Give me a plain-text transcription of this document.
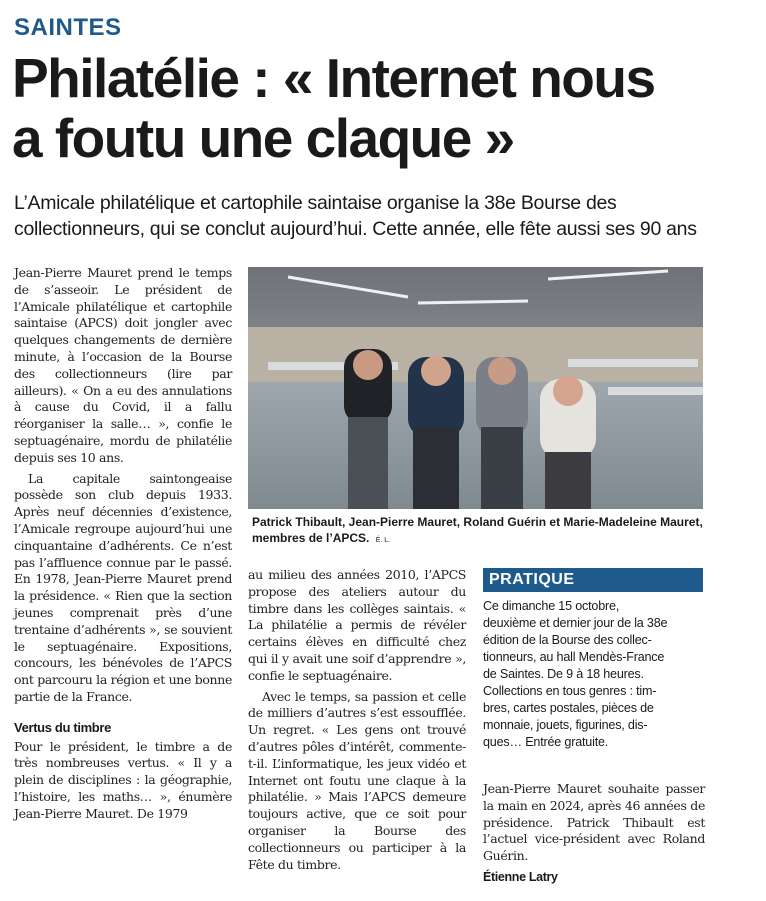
SAINTES
Philatélie : « Internet nous
a foutu une claque »
L’Amicale philatélique et cartophile saintaise organise la 38e Bourse des
collectionneurs, qui se conclut aujourd’hui. Cette année, elle fête aussi ses 90 ans

Jean-Pierre Mauret prend le temps de s’asseoir. Le président de l’Amicale philatélique et cartophile saintaise (APCS) doit jongler avec quelques changements de dernière minute, à l’occasion de la Bourse des collectionneurs (lire par ailleurs). « On a eu des annulations à cause du Covid, il a fallu réorganiser la salle… », confie le septuagénaire, mordu de philatélie depuis ses 10 ans.

La capitale saintongeaise possède son club depuis 1933. Après neuf décennies d’existence, l’Amicale regroupe aujourd’hui une cinquantaine d’adhérents. Ce n’est pas l’affluence connue par le passé. En 1978, Jean-Pierre Mauret prend la présidence. « Rien que la section jeunes comprenait près d’une trentaine d’adhérents », se souvient le septuagénaire. Expositions, concours, les bénévoles de l’APCS ont parcouru la région et une bonne partie de la France.

Vertus du timbre

Pour le président, le timbre a de très nombreuses vertus. « Il y a plein de disciplines : la géographie, l’histoire, les maths… », énumère Jean-Pierre Mauret. De 1979

Patrick Thibault, Jean-Pierre Mauret, Roland Guérin et Marie-Madeleine Mauret, membres de l’APCS. É. L.

au milieu des années 2010, l’APCS propose des ateliers autour du timbre dans les collèges saintais. « La philatélie a permis de révéler certains élèves en difficulté chez qui il y avait une soif d’apprendre », confie le septuagénaire.

Avec le temps, sa passion et celle de milliers d’autres s’est essoufflée. Un regret. « Les gens ont trouvé d’autres pôles d’intérêt, commente-t-il. L’informatique, les jeux vidéo et Internet ont foutu une claque à la philatélie. » Mais l’APCS demeure toujours active, que ce soit pour organiser la Bourse des collectionneurs ou participer à la Fête du timbre.

PRATIQUE
Ce dimanche 15 octobre,
deuxième et dernier jour de la 38e
édition de la Bourse des collec-
tionneurs, au hall Mendès-France
de Saintes. De 9 à 18 heures.
Collections en tous genres : tim-
bres, cartes postales, pièces de
monnaie, jouets, figurines, dis-
ques… Entrée gratuite.

Jean-Pierre Mauret souhaite passer la main en 2024, après 46 années de présidence. Patrick Thibault est l’actuel vice-président avec Roland Guérin.

Étienne Latry
